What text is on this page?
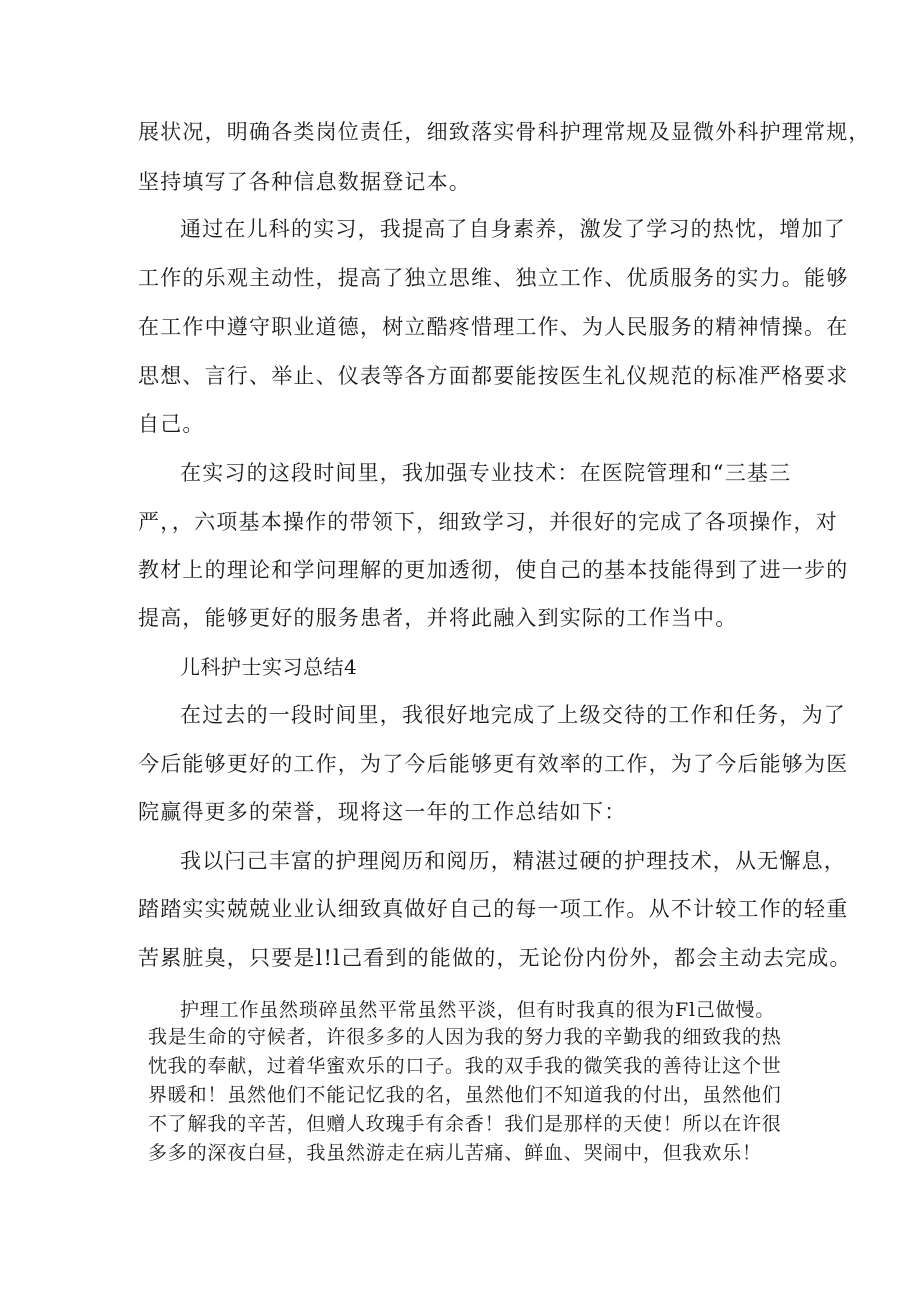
展状况，明确各类岗位责任，细致落实骨科护理常规及显微外科护理常规，
坚持填写了各种信息数据登记本。
通过在儿科的实习，我提高了自身素养，激发了学习的热忱，增加了
工作的乐观主动性，提高了独立思维、独立工作、优质服务的实力。能够
在工作中遵守职业道德，树立酷疼惜理工作、为人民服务的精神情操。在
思想、言行、举止、仪表等各方面都要能按医生礼仪规范的标准严格要求
自己。
在实习的这段时间里，我加强专业技术：在医院管理和“三基三
严，，六项基本操作的带领下，细致学习，并很好的完成了各项操作，对
教材上的理论和学问理解的更加透彻，使自己的基本技能得到了进一步的
提高，能够更好的服务患者，并将此融入到实际的工作当中。
儿科护士实习总结4
在过去的一段时间里，我很好地完成了上级交待的工作和任务，为了
今后能够更好的工作，为了今后能够更有效率的工作，为了今后能够为医
院赢得更多的荣誉，现将这一年的工作总结如下：
我以闩己丰富的护理阅历和阅历，精湛过硬的护理技术，从无懈息，
踏踏实实兢兢业业认细致真做好自己的每一项工作。从不计较工作的轻重
苦累脏臭，只要是l!l己看到的能做的，无论份内份外，都会主动去完成。
护理工作虽然琐碎虽然平常虽然平淡，但有时我真的很为Fl己做慢。
我是生命的守候者，许很多多的人因为我的努力我的辛勤我的细致我的热
忱我的奉献，过着华蜜欢乐的口子。我的双手我的微笑我的善待让这个世
界暖和！虽然他们不能记忆我的名，虽然他们不知道我的付出，虽然他们
不了解我的辛苦，但赠人玫瑰手有余香！我们是那样的天使！所以在许很
多多的深夜白昼，我虽然游走在病儿苦痛、鲜血、哭闹中，但我欢乐！
